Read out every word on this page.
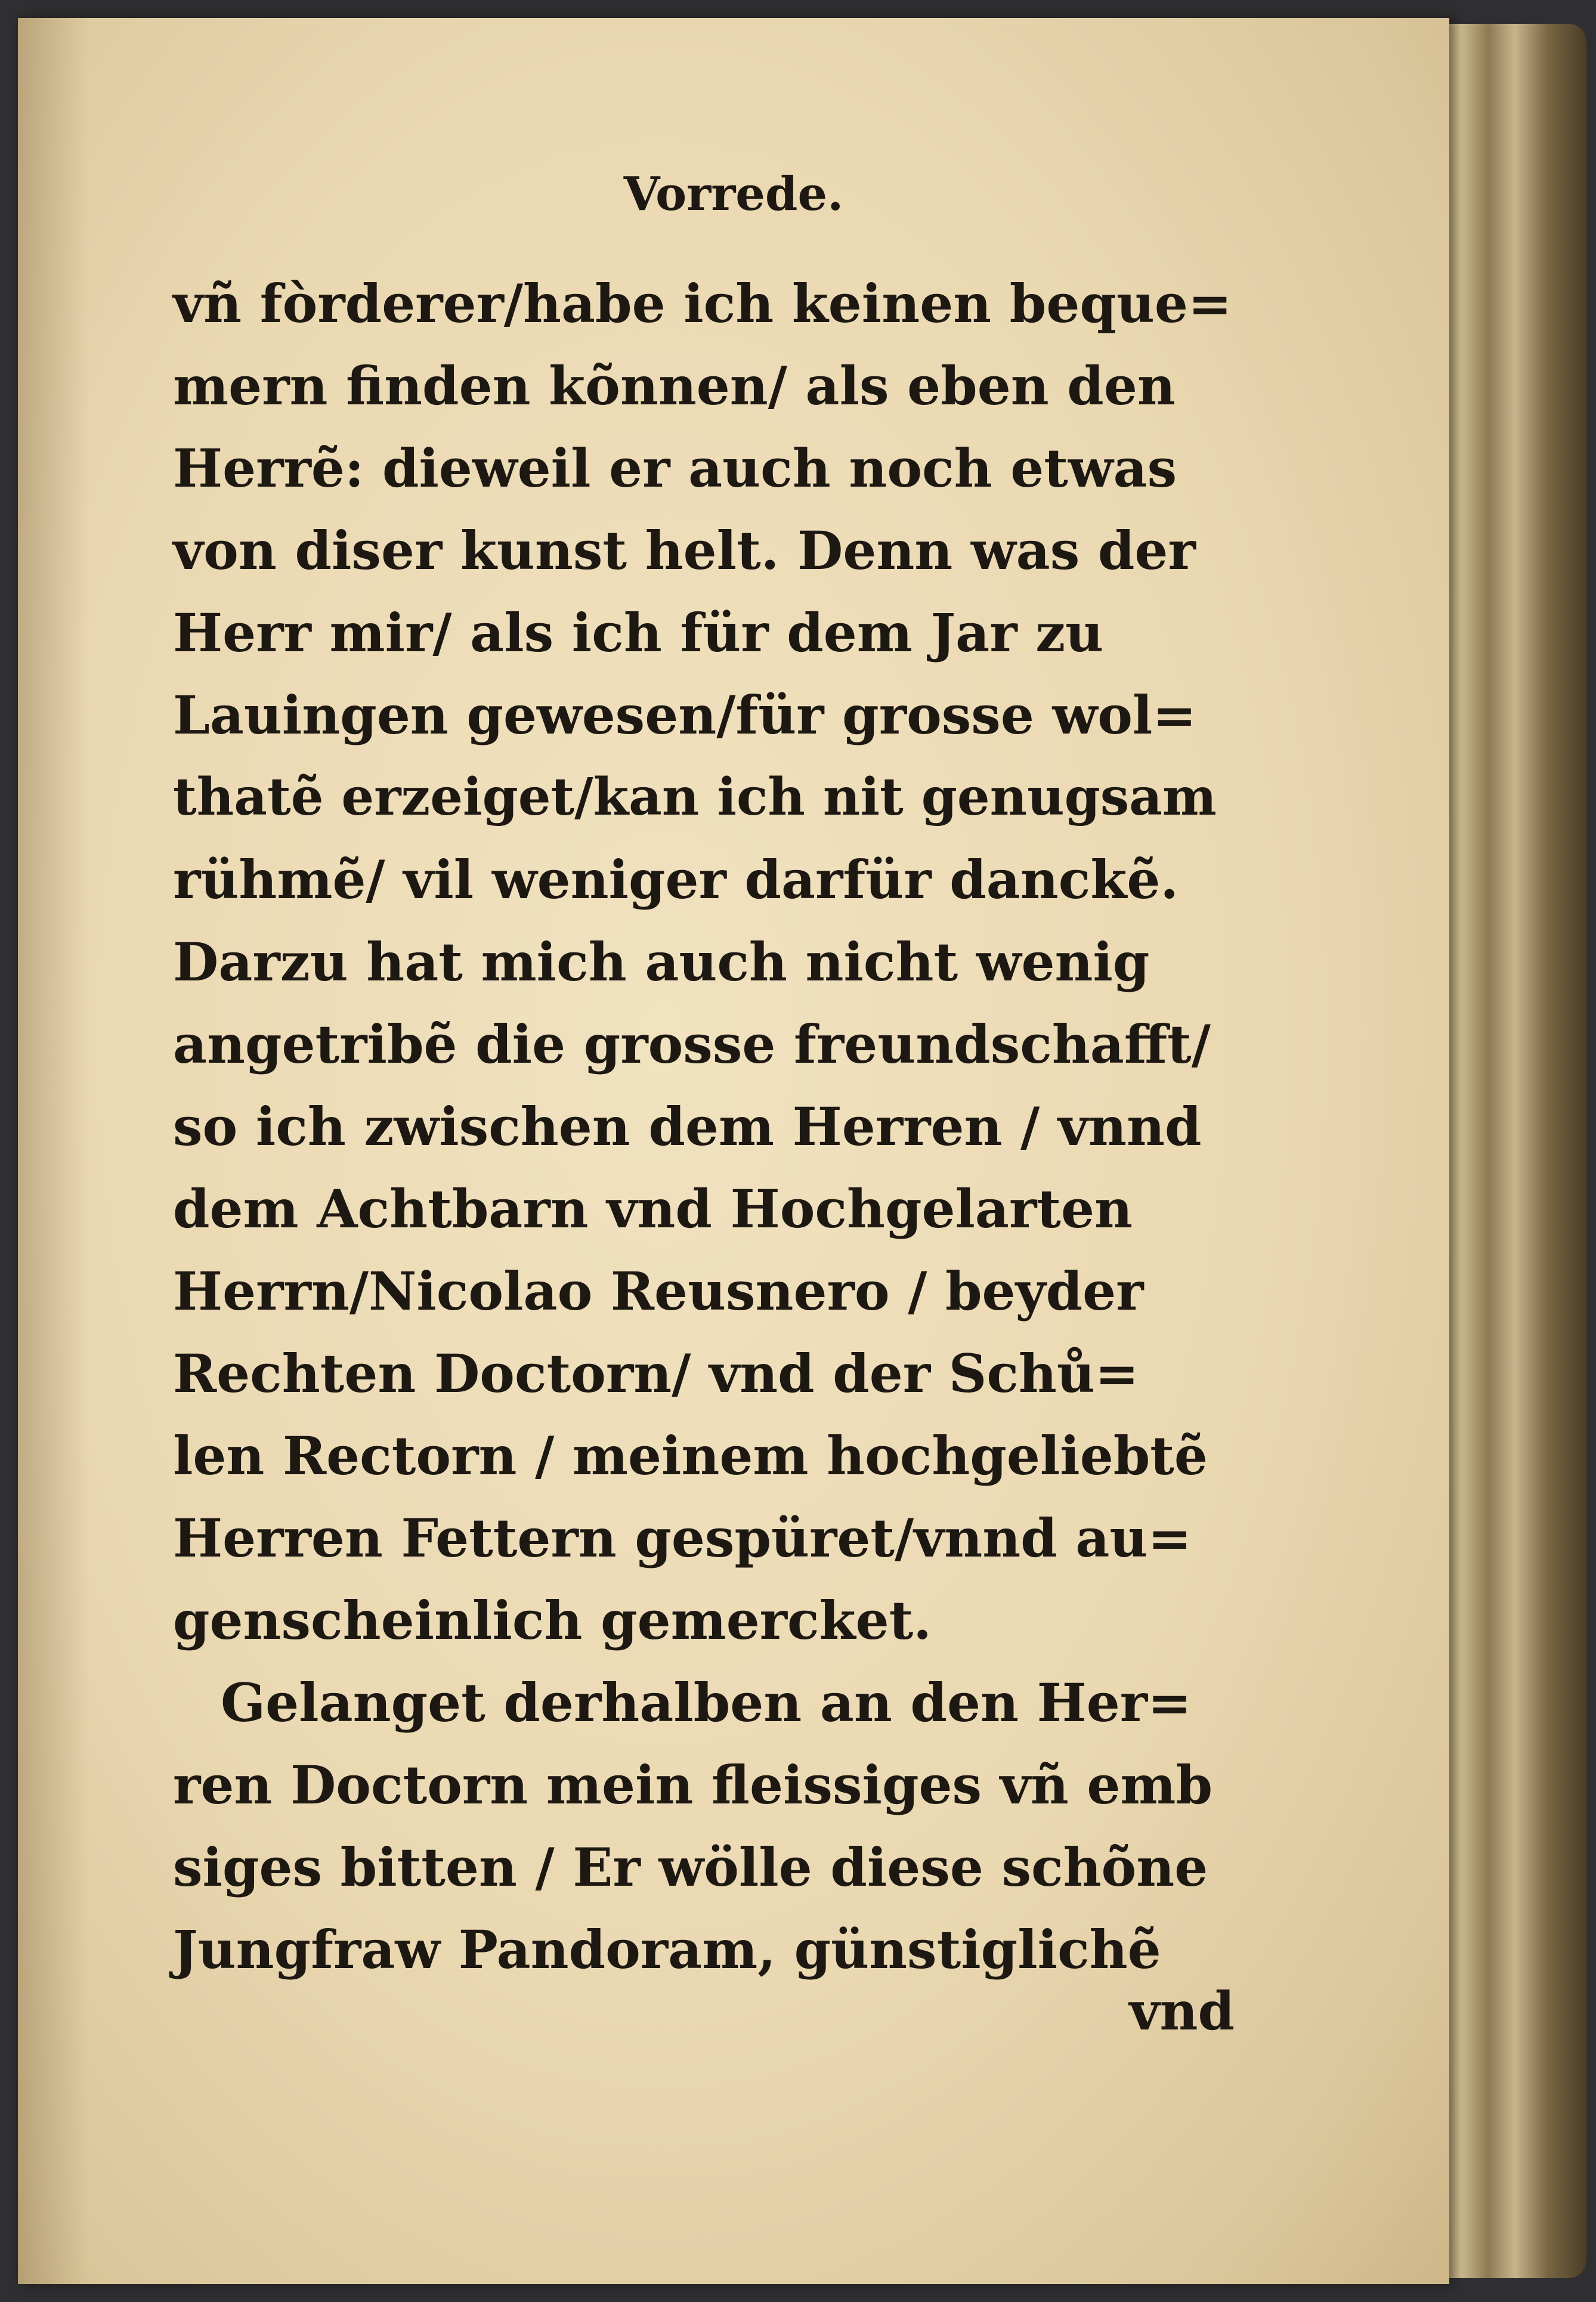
Vorrede.
vñ fòrderer/habe ich keinen beque=
mern finden kõnnen/ als eben den
Herrẽ: dieweil er auch noch etwas
von diser kunst helt. Denn was der
Herr mir/ als ich für dem Jar zu
Lauingen gewesen/für grosse wol=
thatẽ erzeiget/kan ich nit genugsam
rühmẽ/ vil weniger darfür danckẽ.
Darzu hat mich auch nicht wenig
angetribẽ die grosse freundschafft/
so ich zwischen dem Herren / vnnd
dem Achtbarn vnd Hochgelarten
Herrn/Nicolao Reusnero / beyder
Rechten Doctorn/ vnd der Schů=
len Rectorn / meinem hochgeliebtẽ
Herren Fettern gespüret/vnnd au=
genscheinlich gemercket.
Gelanget derhalben an den Her=
ren Doctorn mein fleissiges vñ emb
siges bitten / Er wölle diese schõne
Jungfraw Pandoram, günstiglichẽ
vnd
